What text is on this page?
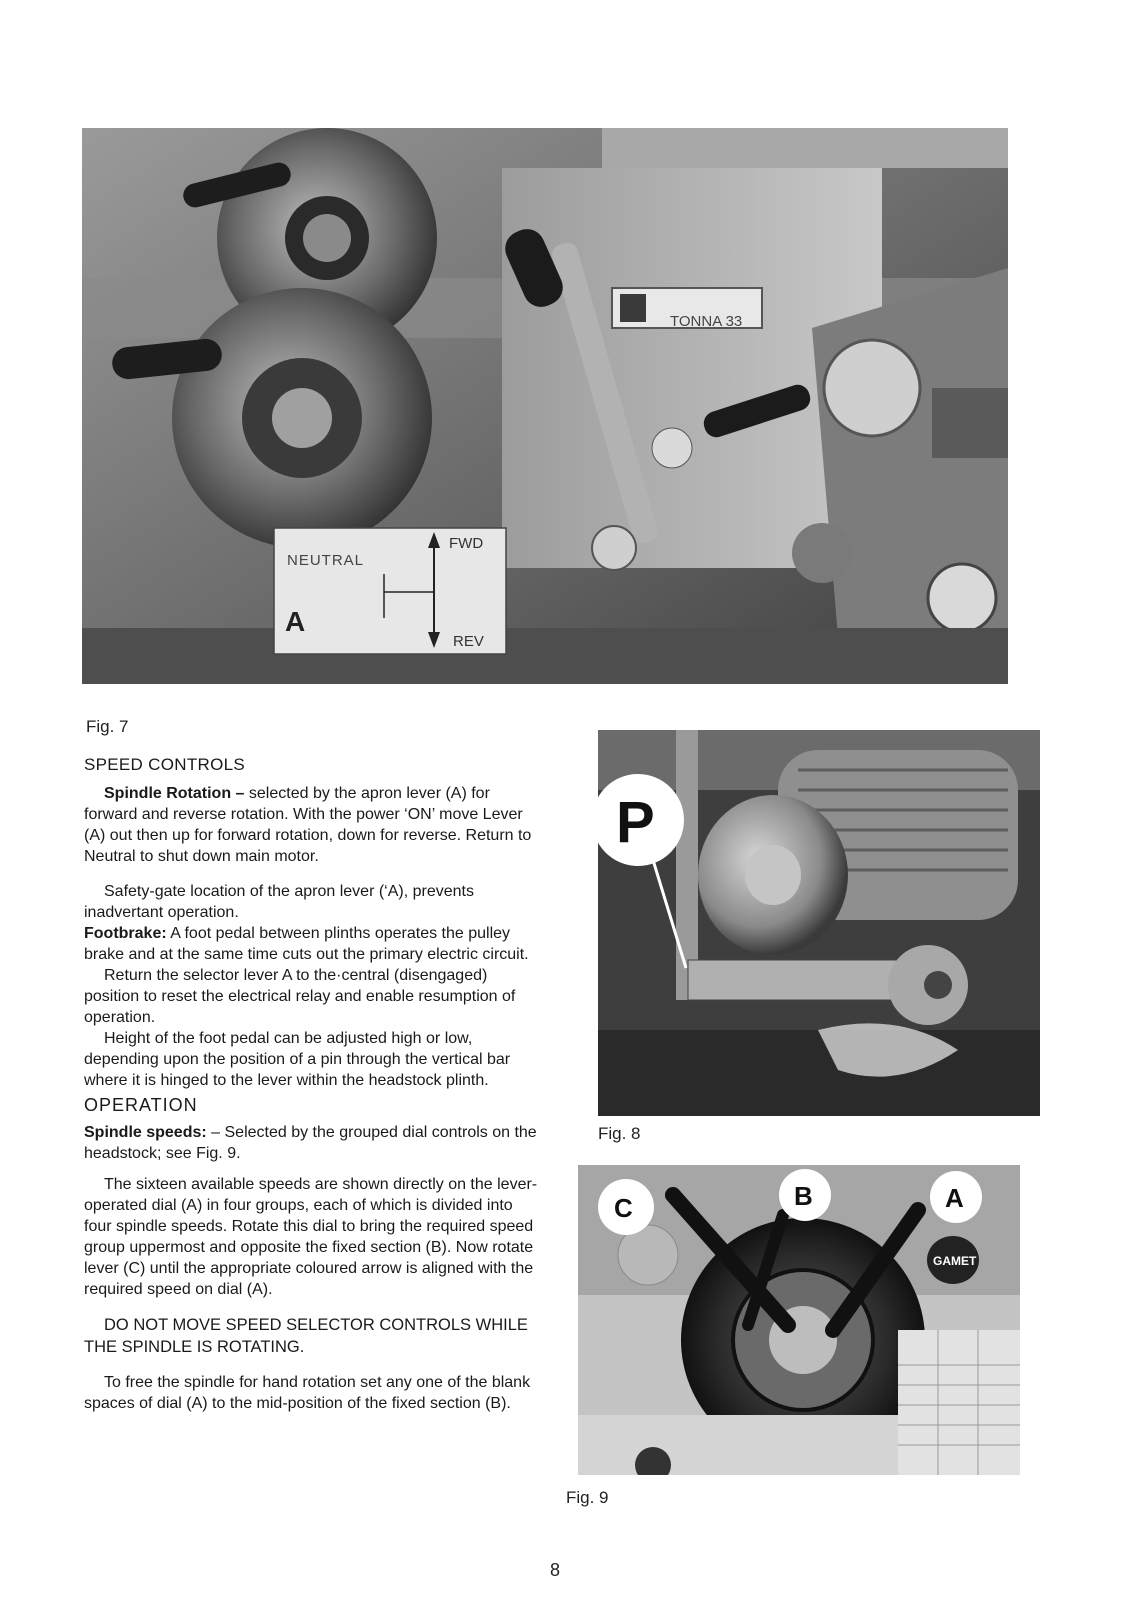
TONNA 33
NEUTRAL
FWD
REV
A
Fig. 7
P
Fig. 8
GAMET
C	B	A
Fig. 9

SPEED CONTROLS

Spindle Rotation – selected by the apron lever (A) for forward and reverse rotation. With the power ‘ON’ move Lever (A) out then up for forward rotation, down for reverse. Return to Neutral to shut down main motor.

Safety-gate location of the apron lever (‘A), prevents inadvertant operation.

Footbrake: A foot pedal between plinths operates the pulley brake and at the same time cuts out the primary electric circuit.

Return the selector lever A to the·central (disengaged) position to reset the electrical relay and enable resumption of operation.

Height of the foot pedal can be adjusted high or low, depending upon the position of a pin through the vertical bar where it is hinged to the lever within the headstock plinth.

OPERATION

Spindle speeds: – Selected by the grouped dial controls on the headstock; see Fig. 9.

The sixteen available speeds are shown directly on the lever-operated dial (A) in four groups, each of which is divided into four spindle speeds. Rotate this dial to bring the required speed group uppermost and opposite the fixed section (B). Now rotate lever (C) until the appropriate coloured arrow is aligned with the required speed on dial (A).

DO NOT MOVE SPEED SELECTOR CONTROLS WHILE THE SPINDLE IS ROTATING.

To free the spindle for hand rotation set any one of the blank spaces of dial (A) to the mid-position of the fixed section (B).

8
